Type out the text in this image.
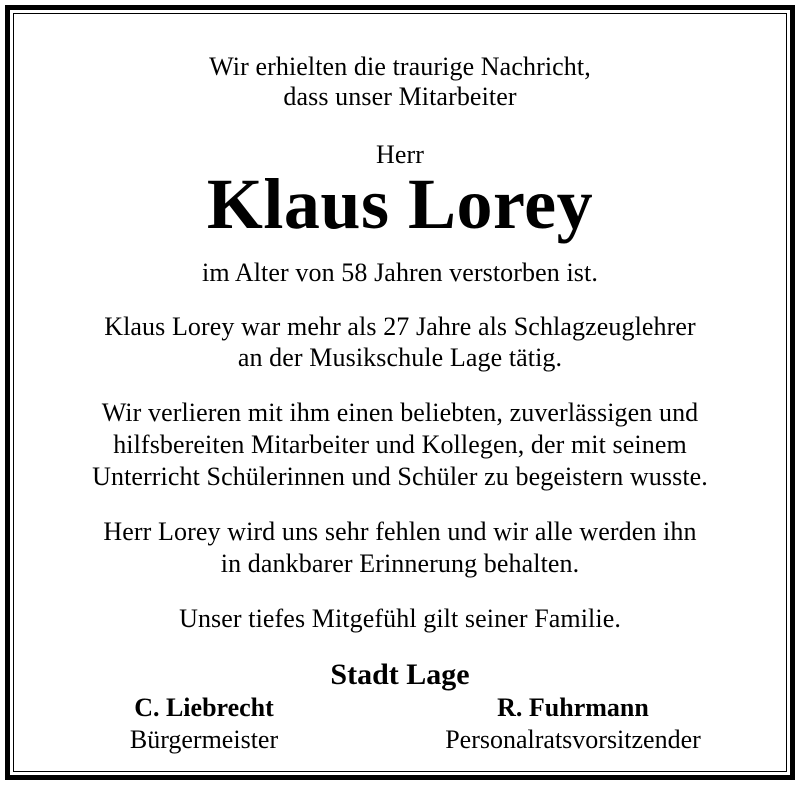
Wir erhielten die traurige Nachricht,
dass unser Mitarbeiter
Herr
Klaus Lorey
im Alter von 58 Jahren verstorben ist.
Klaus Lorey war mehr als 27 Jahre als Schlagzeuglehrer
an der Musikschule Lage tätig.
Wir verlieren mit ihm einen beliebten, zuverlässigen und
hilfsbereiten Mitarbeiter und Kollegen, der mit seinem
Unterricht Schülerinnen und Schüler zu begeistern wusste.
Herr Lorey wird uns sehr fehlen und wir alle werden ihn
in dankbarer Erinnerung behalten.
Unser tiefes Mitgefühl gilt seiner Familie.
Stadt Lage
C. Liebrecht
Bürgermeister
R. Fuhrmann
Personalratsvorsitzender
